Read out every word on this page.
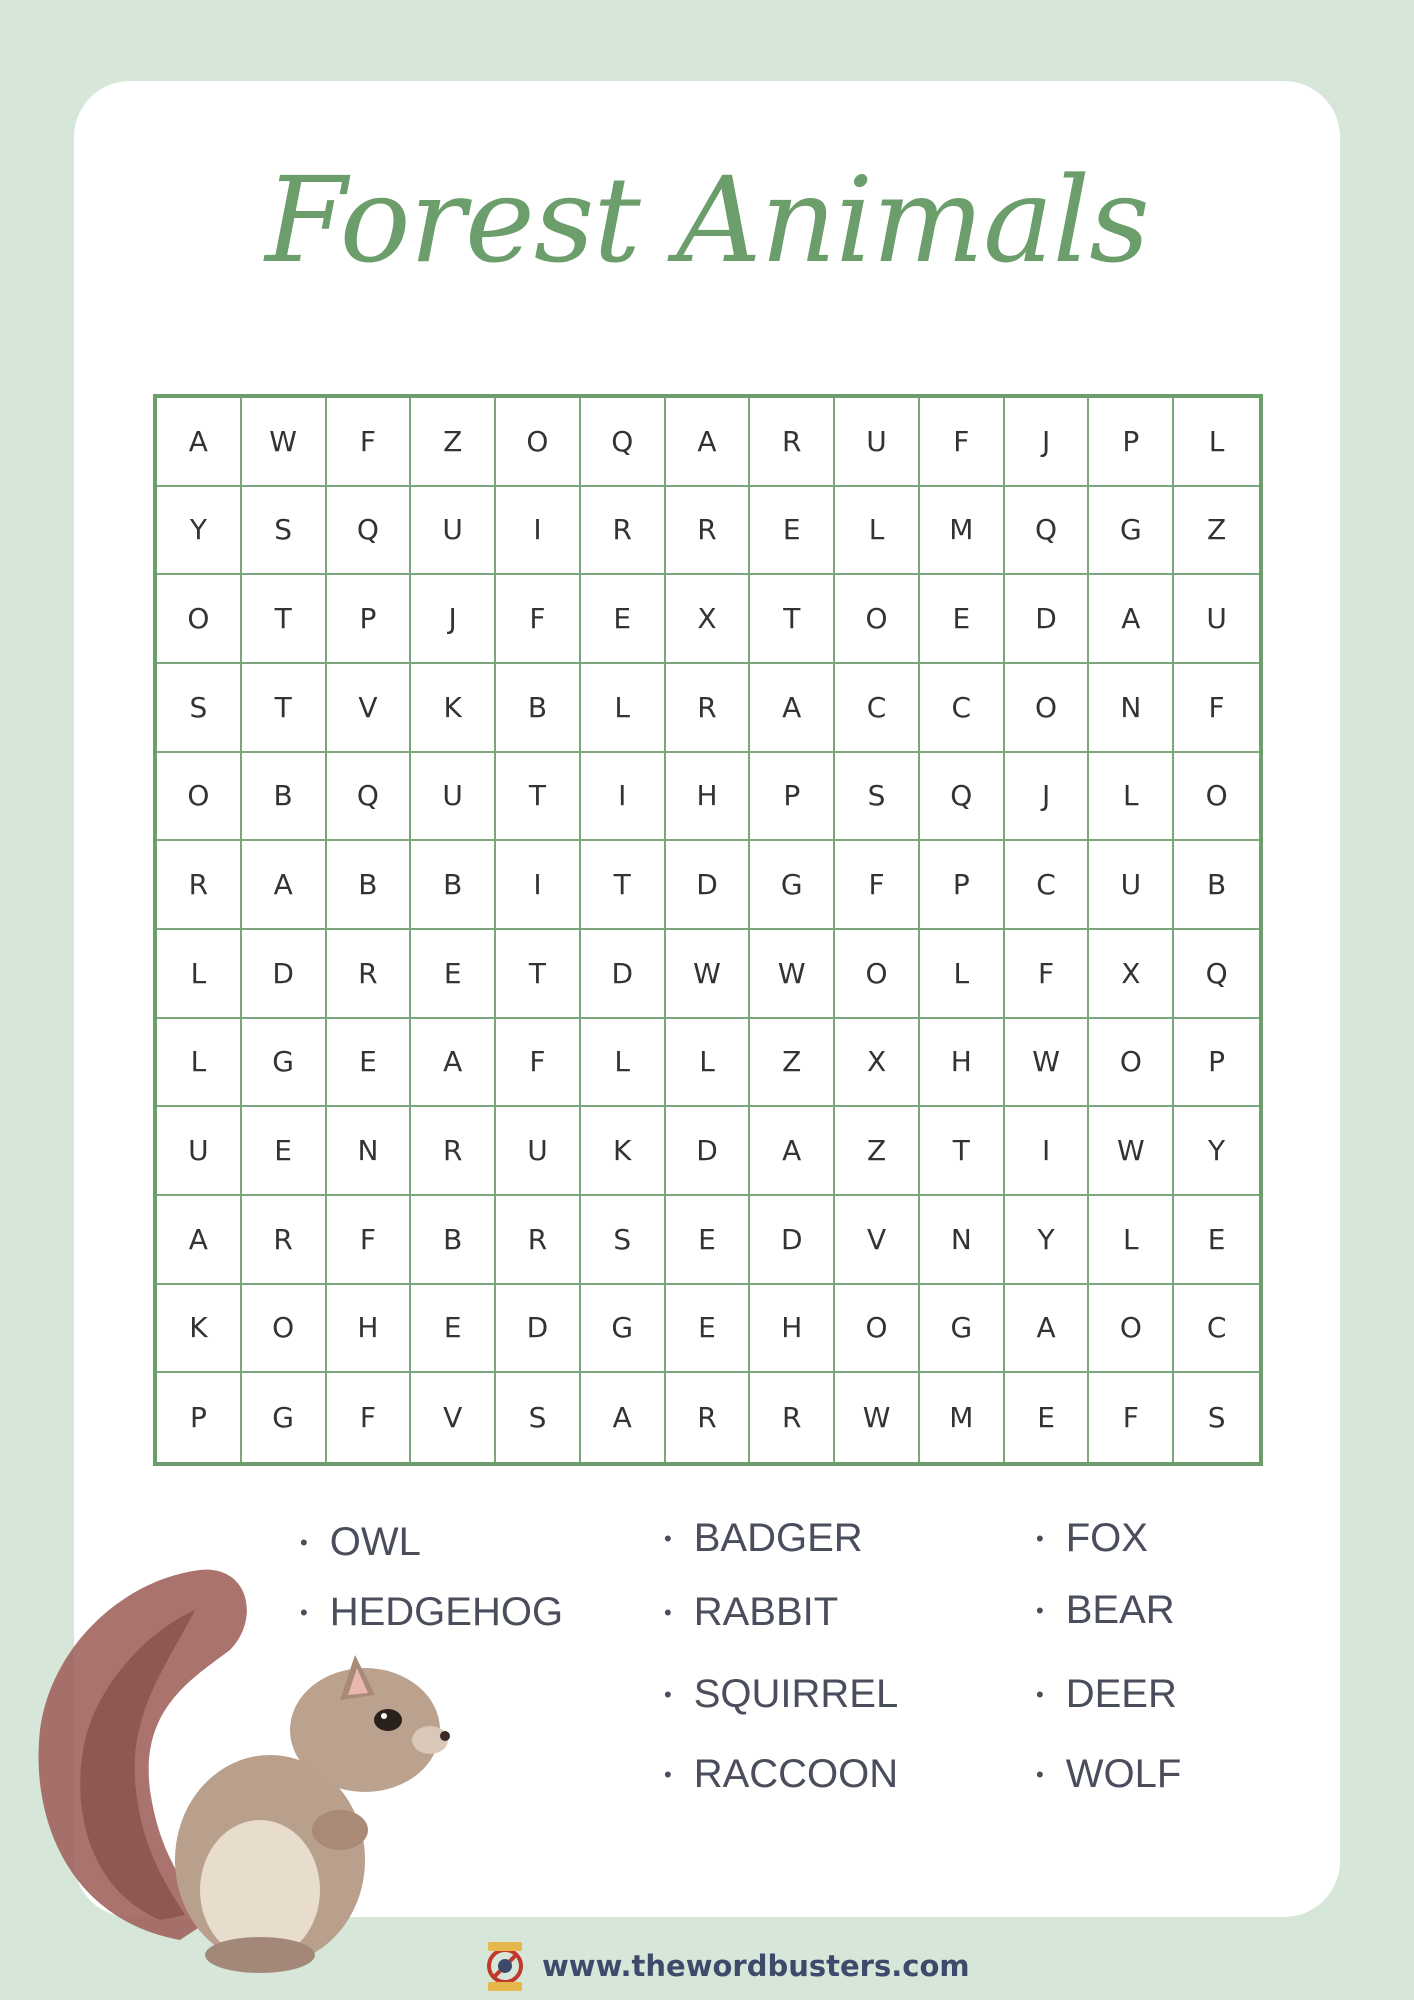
Forest Animals
A	W	F	Z	O	Q	A	R	U	F	J	P	L
Y	S	Q	U	I	R	R	E	L	M	Q	G	Z
O	T	P	J	F	E	X	T	O	E	D	A	U
S	T	V	K	B	L	R	A	C	C	O	N	F
O	B	Q	U	T	I	H	P	S	Q	J	L	O
R	A	B	B	I	T	D	G	F	P	C	U	B
L	D	R	E	T	D	W	W	O	L	F	X	Q
L	G	E	A	F	L	L	Z	X	H	W	O	P
U	E	N	R	U	K	D	A	Z	T	I	W	Y
A	R	F	B	R	S	E	D	V	N	Y	L	E
K	O	H	E	D	G	E	H	O	G	A	O	C
P	G	F	V	S	A	R	R	W	M	E	F	S
• OWL
• HEDGEHOG
• BADGER
• RABBIT
• SQUIRREL
• RACCOON
• FOX
• BEAR
• DEER
• WOLF
www.thewordbusters.com
